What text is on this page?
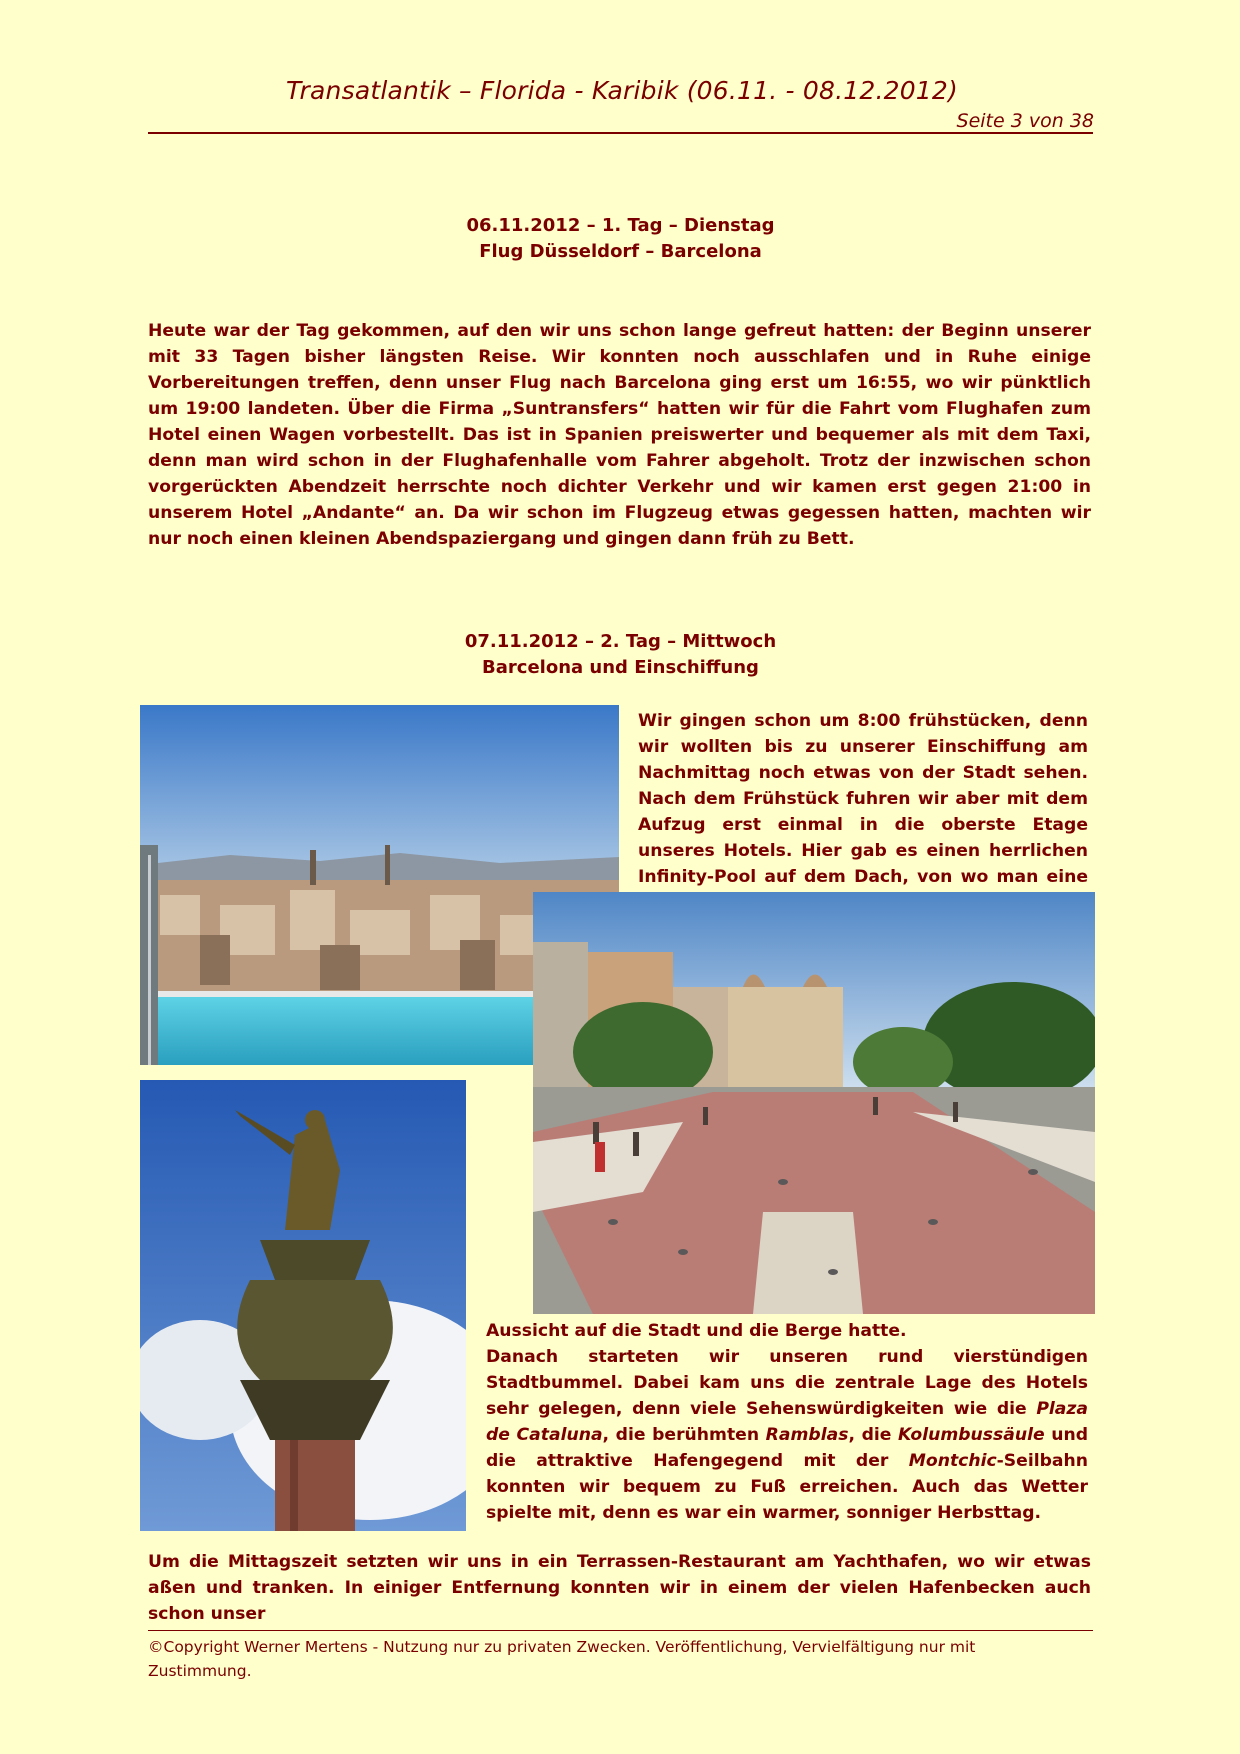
Transatlantik – Florida - Karibik (06.11. - 08.12.2012)
Seite 3 von 38
06.11.2012 – 1. Tag – Dienstag
Flug Düsseldorf – Barcelona
Heute war der Tag gekommen, auf den wir uns schon lange gefreut hatten: der Beginn unserer mit 33 Tagen bisher längsten Reise. Wir konnten noch ausschlafen und in Ruhe einige Vorbereitungen treffen, denn unser Flug nach Barcelona ging erst um 16:55, wo wir pünktlich um 19:00 landeten. Über die Firma „Suntransfers“ hatten wir für die Fahrt vom Flughafen zum Hotel einen Wagen vorbestellt. Das ist in Spanien preiswerter und bequemer als mit dem Taxi, denn man wird schon in der Flughafenhalle vom Fahrer abgeholt. Trotz der inzwischen schon vorgerückten Abendzeit herrschte noch dichter Verkehr und wir kamen erst gegen 21:00 in unserem Hotel „Andante“ an. Da wir schon im Flugzeug etwas gegessen hatten, machten wir nur noch einen kleinen Abendspaziergang und gingen dann früh zu Bett.
07.11.2012 – 2. Tag – Mittwoch
Barcelona und Einschiffung
Wir gingen schon um 8:00 frühstücken, denn wir wollten bis zu unserer Einschiffung am Nachmittag noch etwas von der Stadt sehen. Nach dem Frühstück fuhren wir aber mit dem Aufzug erst einmal in die oberste Etage unseres Hotels. Hier gab es einen herrlichen Infinity-Pool auf dem Dach, von wo man eine
Aussicht auf die Stadt und die Berge hatte.
Danach starteten wir unseren rund vierstündigen Stadtbummel. Dabei kam uns die zentrale Lage des Hotels sehr gelegen, denn viele Sehenswürdigkeiten wie die Plaza de Cataluna, die berühmten Ramblas, die Kolumbussäule und die attraktive Hafengegend mit der Montchic-Seilbahn konnten wir bequem zu Fuß erreichen. Auch das Wetter spielte mit, denn es war ein warmer, sonniger Herbsttag.
Um die Mittagszeit setzten wir uns in ein Terrassen-Restaurant am Yachthafen, wo wir etwas aßen und tranken. In einiger Entfernung konnten wir in einem der vielen Hafenbecken auch schon unser
©Copyright Werner Mertens - Nutzung nur zu privaten Zwecken. Veröffentlichung, Vervielfältigung nur mit Zustimmung.
